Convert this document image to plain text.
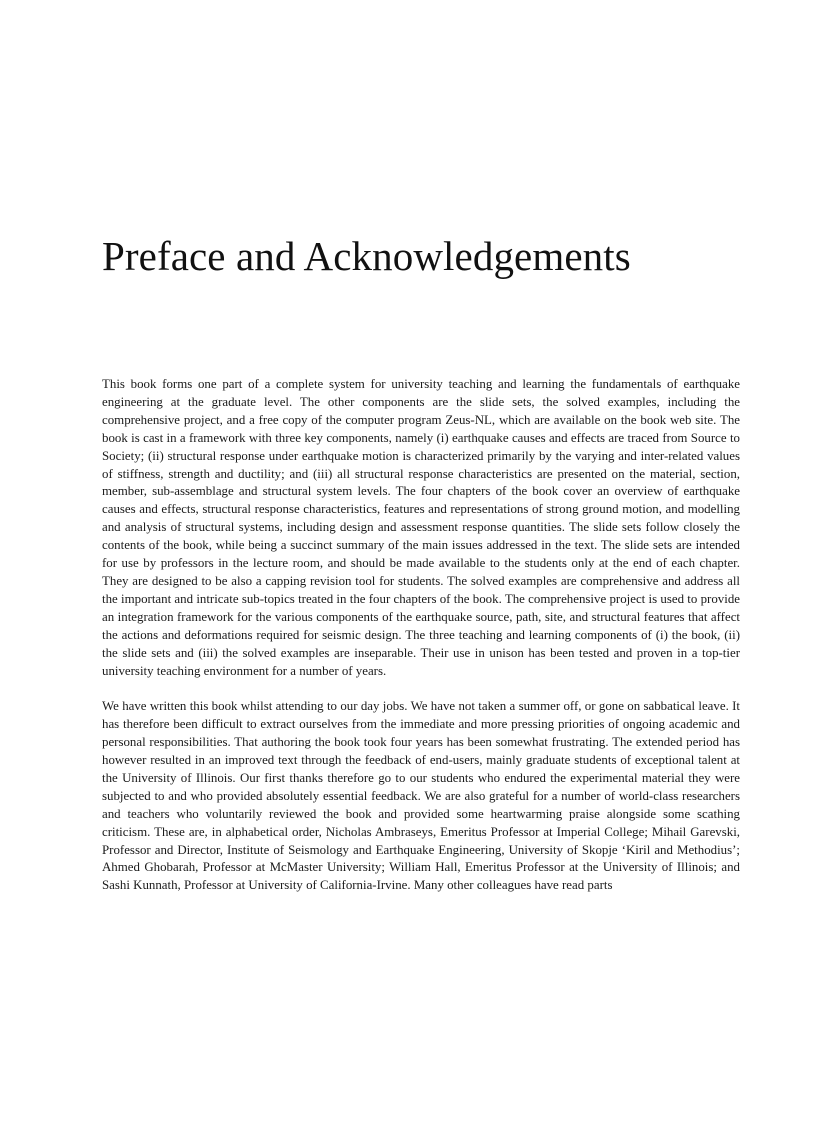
Preface and Acknowledgements

This book forms one part of a complete system for university teaching and learning the fundamentals of earthquake engineering at the graduate level. The other components are the slide sets, the solved examples, including the comprehensive project, and a free copy of the computer program Zeus-NL, which are available on the book web site. The book is cast in a framework with three key components, namely (i) earthquake causes and effects are traced from Source to Society; (ii) structural response under earthquake motion is characterized primarily by the varying and inter-related values of stiffness, strength and ductility; and (iii) all structural response characteristics are presented on the material, section, member, sub-assemblage and structural system levels. The four chapters of the book cover an overview of earthquake causes and effects, structural response characteristics, features and representations of strong ground motion, and modelling and analysis of structural systems, including design and assessment response quantities. The slide sets follow closely the contents of the book, while being a succinct summary of the main issues addressed in the text. The slide sets are intended for use by professors in the lecture room, and should be made available to the students only at the end of each chapter. They are designed to be also a capping revision tool for students. The solved examples are comprehensive and address all the important and intricate sub-topics treated in the four chapters of the book. The comprehensive project is used to provide an integration framework for the various components of the earthquake source, path, site, and structural features that affect the actions and deformations required for seismic design. The three teaching and learning components of (i) the book, (ii) the slide sets and (iii) the solved examples are inseparable. Their use in unison has been tested and proven in a top-tier university teaching environment for a number of years.

We have written this book whilst attending to our day jobs. We have not taken a summer off, or gone on sabbatical leave. It has therefore been difficult to extract ourselves from the immediate and more pressing priorities of ongoing academic and personal responsibilities. That authoring the book took four years has been somewhat frustrating. The extended period has however resulted in an improved text through the feedback of end-users, mainly graduate students of exceptional talent at the University of Illinois. Our first thanks therefore go to our students who endured the experimental material they were subjected to and who provided absolutely essential feedback. We are also grateful for a number of world-class researchers and teachers who voluntarily reviewed the book and provided some heartwarming praise alongside some scathing criticism. These are, in alphabetical order, Nicholas Ambraseys, Emeritus Professor at Imperial College; Mihail Garevski, Professor and Director, Institute of Seismology and Earthquake Engineering, University of Skopje ‘Kiril and Methodius’; Ahmed Ghobarah, Professor at McMaster University; William Hall, Emeritus Professor at the University of Illinois; and Sashi Kunnath, Professor at University of California-Irvine. Many other colleagues have read parts
